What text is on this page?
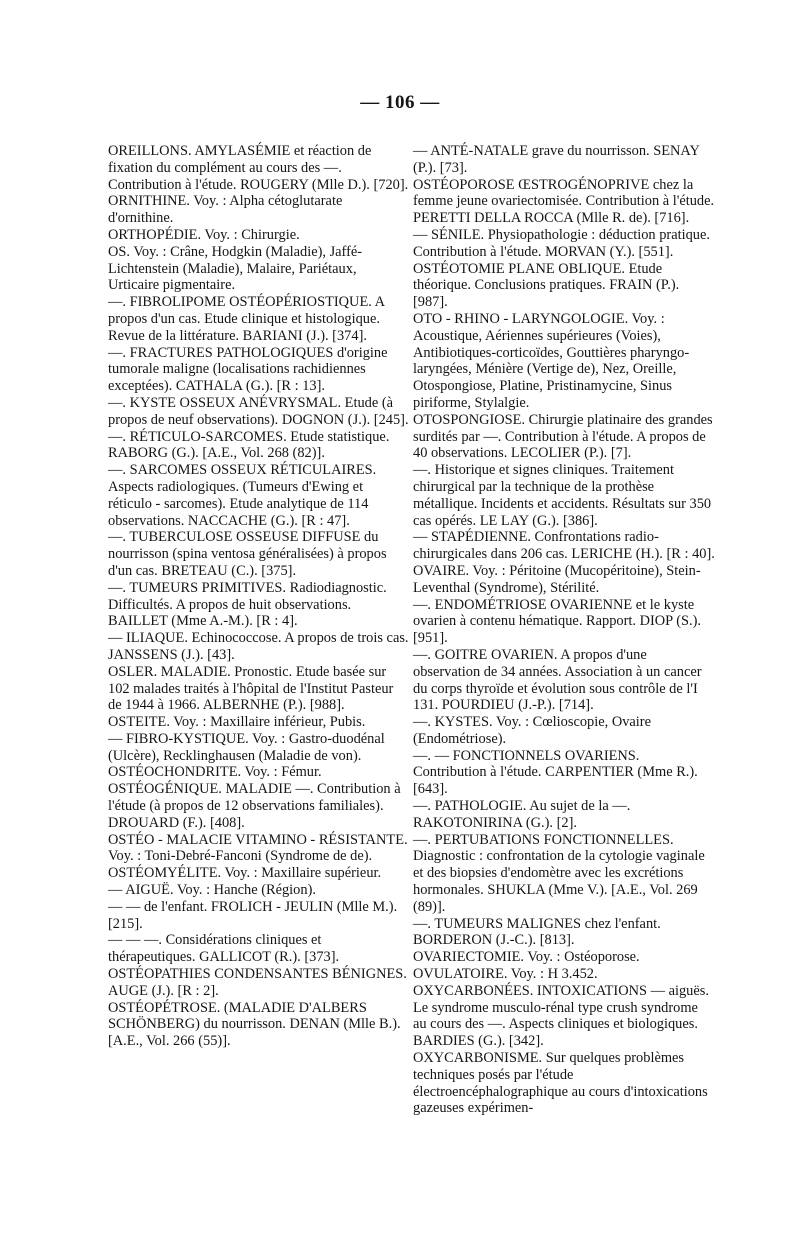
— 106 —

OREILLONS. AMYLASÉMIE et réaction de fixation du complément au cours des —. Contribution à l'étude. ROUGERY (Mlle D.). [720].

ORNITHINE. Voy. : Alpha cétoglutarate d'ornithine.

ORTHOPÉDIE. Voy. : Chirurgie.

OS. Voy. : Crâne, Hodgkin (Maladie), Jaffé-Lichtenstein (Maladie), Malaire, Pariétaux, Urticaire pigmentaire.

—. FIBROLIPOME OSTÉOPÉRIOSTIQUE. A propos d'un cas. Etude clinique et histologique. Revue de la littérature. BARIANI (J.). [374].

—. FRACTURES PATHOLOGIQUES d'origine tumorale maligne (localisations rachidiennes exceptées). CATHALA (G.). [R : 13].

—. KYSTE OSSEUX ANÉVRYSMAL. Etude (à propos de neuf observations). DOGNON (J.). [245].

—. RÉTICULO-SARCOMES. Etude statistique. RABORG (G.). [A.E., Vol. 268 (82)].

—. SARCOMES OSSEUX RÉTICULAIRES. Aspects radiologiques. (Tumeurs d'Ewing et réticulo - sarcomes). Etude analytique de 114 observations. NACCACHE (G.). [R : 47].

—. TUBERCULOSE OSSEUSE DIFFUSE du nourrisson (spina ventosa généralisées) à propos d'un cas. BRETEAU (C.). [375].

—. TUMEURS PRIMITIVES. Radiodiagnostic. Difficultés. A propos de huit observations. BAILLET (Mme A.-M.). [R : 4].

— ILIAQUE. Echinococcose. A propos de trois cas. JANSSENS (J.). [43].

OSLER. MALADIE. Pronostic. Etude basée sur 102 malades traités à l'hôpital de l'Institut Pasteur de 1944 à 1966. ALBERNHE (P.). [988].

OSTEITE. Voy. : Maxillaire inférieur, Pubis.

— FIBRO-KYSTIQUE. Voy. : Gastro-duodénal (Ulcère), Recklinghausen (Maladie de von).

OSTÉOCHONDRITE. Voy. : Fémur.

OSTÉOGÉNIQUE. MALADIE —. Contribution à l'étude (à propos de 12 observations familiales). DROUARD (F.). [408].

OSTÉO - MALACIE VITAMINO - RÉSISTANTE. Voy. : Toni-Debré-Fanconi (Syndrome de de).

OSTÉOMYÉLITE. Voy. : Maxillaire supérieur.

— AIGUË. Voy. : Hanche (Région).

— — de l'enfant. FROLICH - JEULIN (Mlle M.). [215].

— — —. Considérations cliniques et thérapeutiques. GALLICOT (R.). [373].

OSTÉOPATHIES CONDENSANTES BÉNIGNES. AUGE (J.). [R : 2].

OSTÉOPÉTROSE. (MALADIE D'ALBERS SCHÖNBERG) du nourrisson. DENAN (Mlle B.). [A.E., Vol. 266 (55)].

— ANTÉ-NATALE grave du nourrisson. SENAY (P.). [73].

OSTÉOPOROSE ŒSTROGÉNOPRIVE chez la femme jeune ovariectomisée. Contribution à l'étude. PERETTI DELLA ROCCA (Mlle R. de). [716].

— SÉNILE. Physiopathologie : déduction pratique. Contribution à l'étude. MORVAN (Y.). [551].

OSTÉOTOMIE PLANE OBLIQUE. Etude théorique. Conclusions pratiques. FRAIN (P.). [987].

OTO - RHINO - LARYNGOLOGIE. Voy. : Acoustique, Aériennes supérieures (Voies), Antibiotiques-corticoïdes, Gouttières pharyngo-laryngées, Ménière (Vertige de), Nez, Oreille, Otospongiose, Platine, Pristinamycine, Sinus piriforme, Stylalgie.

OTOSPONGIOSE. Chirurgie platinaire des grandes surdités par —. Contribution à l'étude. A propos de 40 observations. LECOLIER (P.). [7].

—. Historique et signes cliniques. Traitement chirurgical par la technique de la prothèse métallique. Incidents et accidents. Résultats sur 350 cas opérés. LE LAY (G.). [386].

— STAPÉDIENNE. Confrontations radio-chirurgicales dans 206 cas. LERICHE (H.). [R : 40].

OVAIRE. Voy. : Péritoine (Mucopéritoine), Stein-Leventhal (Syndrome), Stérilité.

—. ENDOMÉTRIOSE OVARIENNE et le kyste ovarien à contenu hématique. Rapport. DIOP (S.). [951].

—. GOITRE OVARIEN. A propos d'une observation de 34 années. Association à un cancer du corps thyroïde et évolution sous contrôle de l'I 131. POURDIEU (J.-P.). [714].

—. KYSTES. Voy. : Cœlioscopie, Ovaire (Endométriose).

—. — FONCTIONNELS OVARIENS. Contribution à l'étude. CARPENTIER (Mme R.). [643].

—. PATHOLOGIE. Au sujet de la —. RAKOTONIRINA (G.). [2].

—. PERTUBATIONS FONCTIONNELLES. Diagnostic : confrontation de la cytologie vaginale et des biopsies d'endomètre avec les excrétions hormonales. SHUKLA (Mme V.). [A.E., Vol. 269 (89)].

—. TUMEURS MALIGNES chez l'enfant. BORDERON (J.-C.). [813].

OVARIECTOMIE. Voy. : Ostéoporose.

OVULATOIRE. Voy. : H 3.452.

OXYCARBONÉES. INTOXICATIONS — aiguës. Le syndrome musculo-rénal type crush syndrome au cours des —. Aspects cliniques et biologiques. BARDIES (G.). [342].

OXYCARBONISME. Sur quelques problèmes techniques posés par l'étude électroencéphalographique au cours d'intoxications gazeuses expérimen-
